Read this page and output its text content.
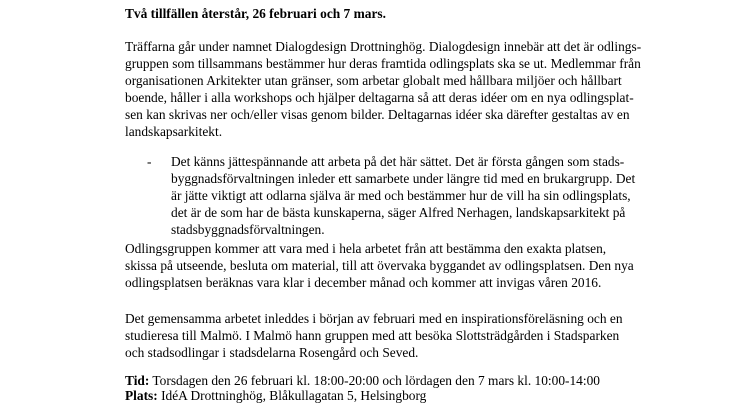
Två tillfällen återstår, 26 februari och 7 mars.
Träffarna går under namnet Dialogdesign Drottninghög. Dialogdesign innebär att det är odlings-
gruppen som tillsammans bestämmer hur deras framtida odlingsplats ska se ut. Medlemmar från
organisationen Arkitekter utan gränser, som arbetar globalt med hållbara miljöer och hållbart
boende, håller i alla workshops och hjälper deltagarna så att deras idéer om en nya odlingsplat-
sen kan skrivas ner och/eller visas genom bilder. Deltagarnas idéer ska därefter gestaltas av en
landskapsarkitekt.
- Det känns jättespännande att arbeta på det här sättet. Det är första gången som stads-
byggnadsförvaltningen inleder ett samarbete under längre tid med en brukargrupp. Det
är jätte viktigt att odlarna själva är med och bestämmer hur de vill ha sin odlingsplats,
det är de som har de bästa kunskaperna, säger Alfred Nerhagen, landskapsarkitekt på
stadsbyggnadsförvaltningen.
Odlingsgruppen kommer att vara med i hela arbetet från att bestämma den exakta platsen,
skissa på utseende, besluta om material, till att övervaka byggandet av odlingsplatsen. Den nya
odlingsplatsen beräknas vara klar i december månad och kommer att invigas våren 2016.
Det gemensamma arbetet inleddes i början av februari med en inspirationsföreläsning och en
studieresa till Malmö. I Malmö hann gruppen med att besöka Slottsträdgården i Stadsparken
och stadsodlingar i stadsdelarna Rosengård och Seved.
Tid: Torsdagen den 26 februari kl. 18:00-20:00 och lördagen den 7 mars kl. 10:00-14:00
Plats: IdéA Drottninghög, Blåkullagatan 5, Helsingborg
